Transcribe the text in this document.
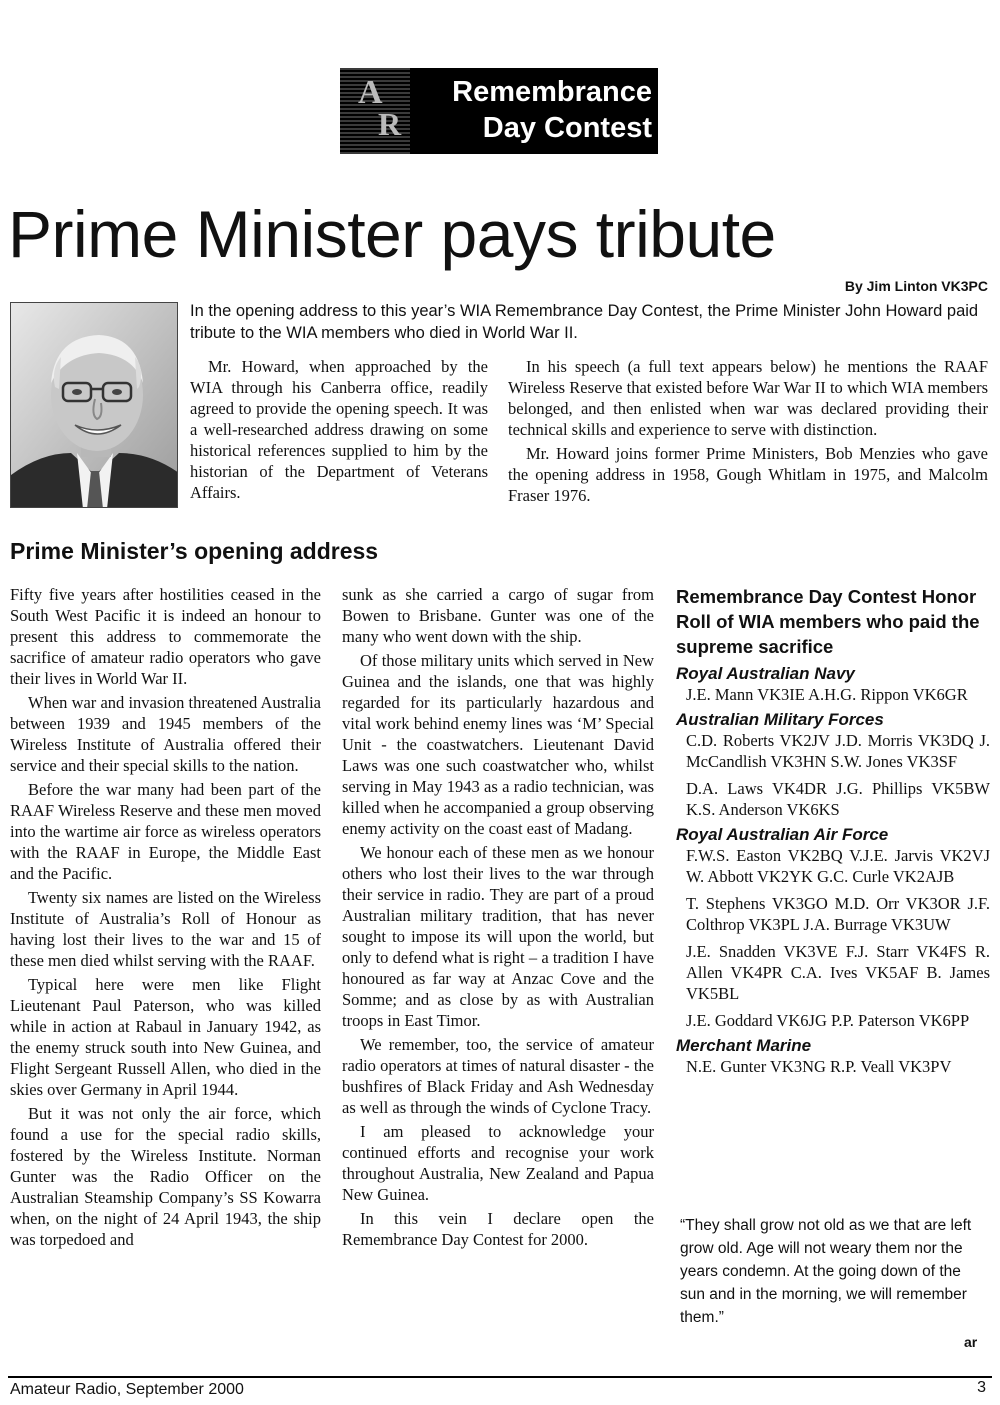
A
R
Remembrance
Day Contest
Prime Minister pays tribute
By Jim Linton VK3PC
In the opening address to this year’s WIA Remembrance Day Contest, the Prime Minister John Howard paid tribute to the WIA members who died in World War II.

Mr. Howard, when approached by the WIA through his Canberra office, readily agreed to provide the opening speech. It was a well-researched address drawing on some historical references supplied to him by the historian of the Department of Veterans Affairs.

In his speech (a full text appears below) he mentions the RAAF Wireless Reserve that existed before War War II to which WIA members belonged, and then enlisted when war was declared providing their technical skills and experience to serve with distinction.

Mr. Howard joins former Prime Ministers, Bob Menzies who gave the opening address in 1958, Gough Whitlam in 1975, and Malcolm Fraser 1976.

Prime Minister’s opening address

Fifty five years after hostilities ceased in the South West Pacific it is indeed an honour to present this address to commemorate the sacrifice of amateur radio operators who gave their lives in World War II.

When war and invasion threatened Australia between 1939 and 1945 members of the Wireless Institute of Australia offered their service and their special skills to the nation.

Before the war many had been part of the RAAF Wireless Reserve and these men moved into the wartime air force as wireless operators with the RAAF in Europe, the Middle East and the Pacific.

Twenty six names are listed on the Wireless Institute of Australia’s Roll of Honour as having lost their lives to the war and 15 of these men died whilst serving with the RAAF.

Typical here were men like Flight Lieutenant Paul Paterson, who was killed while in action at Rabaul in January 1942, as the enemy struck south into New Guinea, and Flight Sergeant Russell Allen, who died in the skies over Germany in April 1944.

But it was not only the air force, which found a use for the special radio skills, fostered by the Wireless Institute. Norman Gunter was the Radio Officer on the Australian Steamship Company’s SS Kowarra when, on the night of 24 April 1943, the ship was torpedoed and

sunk as she carried a cargo of sugar from Bowen to Brisbane. Gunter was one of the many who went down with the ship.

Of those military units which served in New Guinea and the islands, one that was highly regarded for its particularly hazardous and vital work behind enemy lines was ‘M’ Special Unit - the coastwatchers. Lieutenant David Laws was one such coastwatcher who, whilst serving in May 1943 as a radio technician, was killed when he accompanied a group observing enemy activity on the coast east of Madang.

We honour each of these men as we honour others who lost their lives to the war through their service in radio. They are part of a proud Australian military tradition, that has never sought to impose its will upon the world, but only to defend what is right – a tradition I have honoured as far way at Anzac Cove and the Somme; and as close by as with Australian troops in East Timor.

We remember, too, the service of amateur radio operators at times of natural disaster - the bushfires of Black Friday and Ash Wednesday as well as through the winds of Cyclone Tracy.

I am pleased to acknowledge your continued efforts and recognise your work throughout Australia, New Zealand and Papua New Guinea.

In this vein I declare open the Remembrance Day Contest for 2000.

Remembrance Day Contest Honor Roll of WIA members who paid the supreme sacrifice
Royal Australian Navy
J.E. Mann VK3IE A.H.G. Rippon VK6GR
Australian Military Forces
C.D. Roberts VK2JV J.D. Morris VK3DQ J. McCandlish VK3HN S.W. Jones VK3SF
D.A. Laws VK4DR J.G. Phillips VK5BW K.S. Anderson VK6KS
Royal Australian Air Force
F.W.S. Easton VK2BQ V.J.E. Jarvis VK2VJ W. Abbott VK2YK G.C. Curle VK2AJB
T. Stephens VK3GO M.D. Orr VK3OR J.F. Colthrop VK3PL J.A. Burrage VK3UW
J.E. Snadden VK3VE F.J. Starr VK4FS R. Allen VK4PR C.A. Ives VK5AF B. James VK5BL
J.E. Goddard VK6JG P.P. Paterson VK6PP
Merchant Marine
N.E. Gunter VK3NG R.P. Veall VK3PV
“They shall grow not old as we that are left grow old. Age will not weary them nor the years condemn. At the going down of the sun and in the morning, we will remember them.”
ar
Amateur Radio, September 2000	3
